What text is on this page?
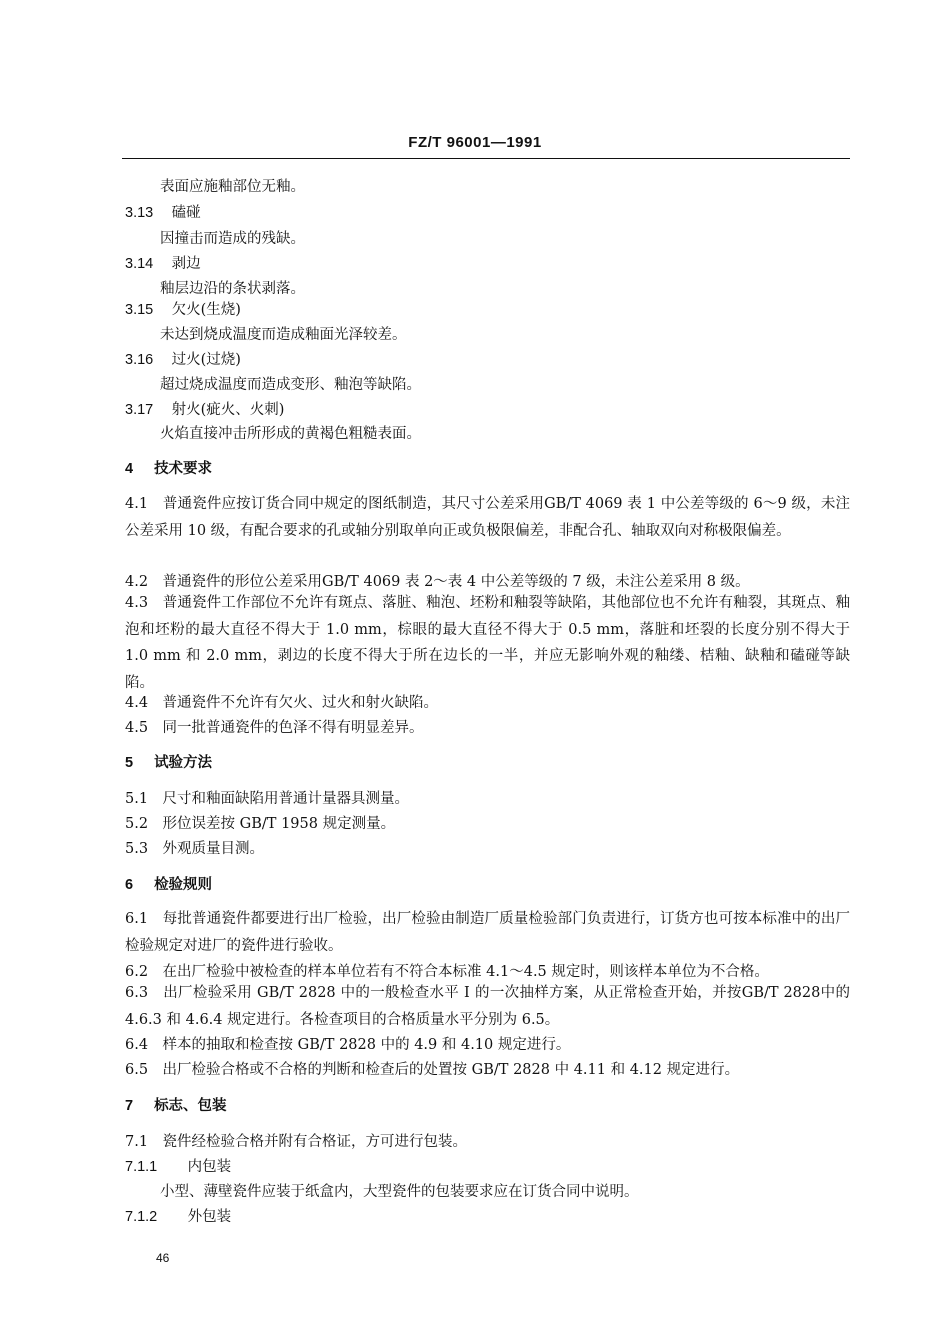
FZ/T 96001—1991
表面应施釉部位无釉。
3.13 磕碰
因撞击而造成的残缺。
3.14 剥边
釉层边沿的条状剥落。
3.15 欠火(生烧)
未达到烧成温度而造成釉面光泽较差。
3.16 过火(过烧)
超过烧成温度而造成变形、釉泡等缺陷。
3.17 射火(疵火、火刺)
火焰直接冲击所形成的黄褐色粗糙表面。
4 技术要求
4.1　普通瓷件应按订货合同中规定的图纸制造，其尺寸公差采用GB/T 4069 表 1 中公差等级的 6～9 级，未注公差采用 10 级，有配合要求的孔或轴分别取单向正或负极限偏差，非配合孔、轴取双向对称极限偏差。
4.2　普通瓷件的形位公差采用GB/T 4069 表 2～表 4 中公差等级的 7 级，未注公差采用 8 级。
4.3　普通瓷件工作部位不允许有斑点、落脏、釉泡、坯粉和釉裂等缺陷，其他部位也不允许有釉裂，其斑点、釉泡和坯粉的最大直径不得大于 1.0 mm，棕眼的最大直径不得大于 0.5 mm，落脏和坯裂的长度分别不得大于 1.0 mm 和 2.0 mm，剥边的长度不得大于所在边长的一半，并应无影响外观的釉缕、桔釉、缺釉和磕碰等缺陷。
4.4　普通瓷件不允许有欠火、过火和射火缺陷。
4.5　同一批普通瓷件的色泽不得有明显差异。
5 试验方法
5.1　尺寸和釉面缺陷用普通计量器具测量。
5.2　形位误差按 GB/T 1958 规定测量。
5.3　外观质量目测。
6 检验规则
6.1　每批普通瓷件都要进行出厂检验，出厂检验由制造厂质量检验部门负责进行，订货方也可按本标准中的出厂检验规定对进厂的瓷件进行验收。
6.2　在出厂检验中被检查的样本单位若有不符合本标准 4.1～4.5 规定时，则该样本单位为不合格。
6.3　出厂检验采用 GB/T 2828 中的一般检查水平 Ⅰ 的一次抽样方案，从正常检查开始，并按GB/T 2828中的 4.6.3 和 4.6.4 规定进行。各检查项目的合格质量水平分别为 6.5。
6.4　样本的抽取和检查按 GB/T 2828 中的 4.9 和 4.10 规定进行。
6.5　出厂检验合格或不合格的判断和检查后的处置按 GB/T 2828 中 4.11 和 4.12 规定进行。
7 标志、包装
7.1　瓷件经检验合格并附有合格证，方可进行包装。
7.1.1 内包装
小型、薄壁瓷件应装于纸盒内，大型瓷件的包装要求应在订货合同中说明。
7.1.2 外包装
46
